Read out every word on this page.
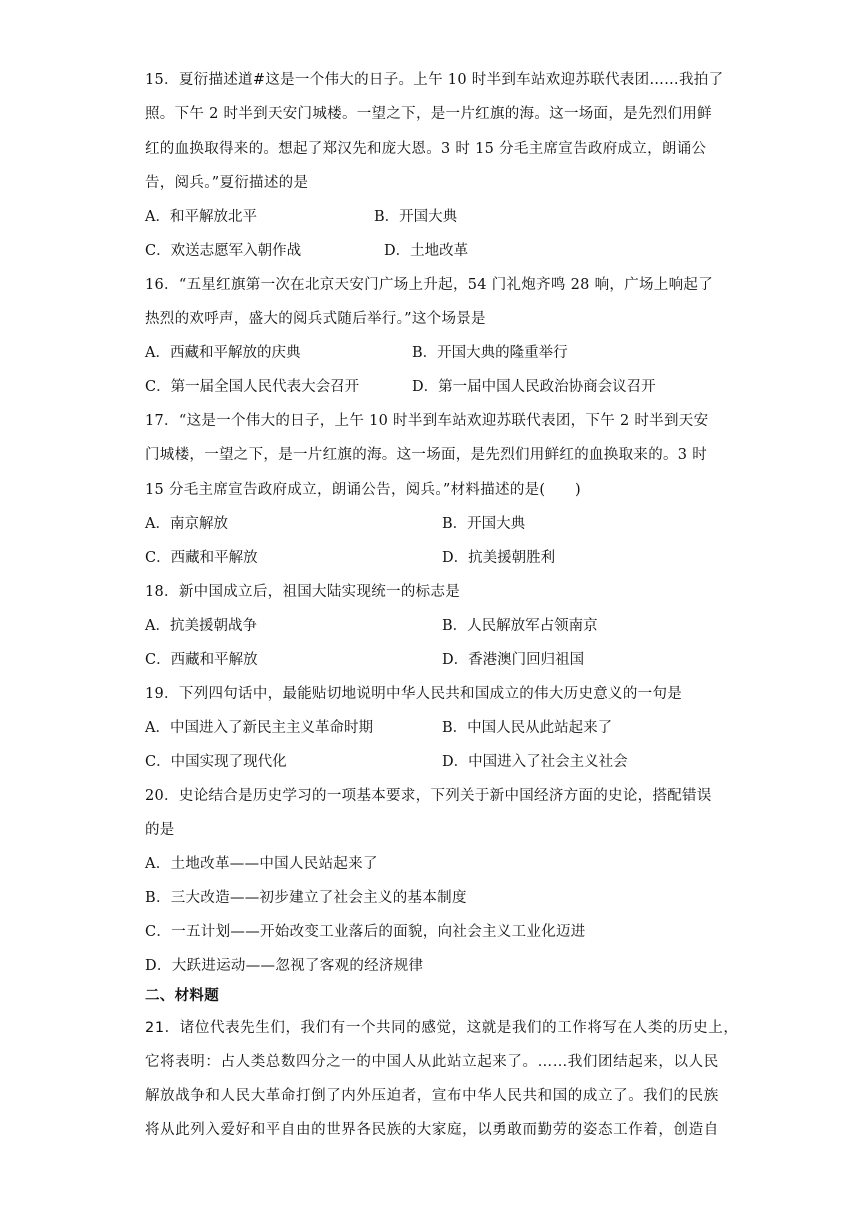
15．夏衍描述道#这是一个伟大的日子。上午 10 时半到车站欢迎苏联代表团……我拍了
照。下午 2 时半到天安门城楼。一望之下，是一片红旗的海。这一场面，是先烈们用鲜
红的血换取得来的。想起了郑汉先和庞大恩。3 时 15 分毛主席宣告政府成立，朗诵公
告，阅兵。”夏衍描述的是
A．和平解放北平	B．开国大典
C．欢送志愿军入朝作战	D．土地改革
16．“五星红旗第一次在北京天安门广场上升起，54 门礼炮齐鸣 28 响，广场上响起了
热烈的欢呼声，盛大的阅兵式随后举行。”这个场景是
A．西藏和平解放的庆典	B．开国大典的隆重举行
C．第一届全国人民代表大会召开	D．第一届中国人民政治协商会议召开
17．“这是一个伟大的日子，上午 10 时半到车站欢迎苏联代表团，下午 2 时半到天安
门城楼，一望之下，是一片红旗的海。这一场面，是先烈们用鲜红的血换取来的。3 时
15 分毛主席宣告政府成立，朗诵公告，阅兵。”材料描述的是(　　)
A．南京解放	B．开国大典
C．西藏和平解放	D．抗美援朝胜利
18．新中国成立后，祖国大陆实现统一的标志是
A．抗美援朝战争	B．人民解放军占领南京
C．西藏和平解放	D．香港澳门回归祖国
19．下列四句话中，最能贴切地说明中华人民共和国成立的伟大历史意义的一句是
A．中国进入了新民主主义革命时期	B．中国人民从此站起来了
C．中国实现了现代化	D．中国进入了社会主义社会
20．史论结合是历史学习的一项基本要求，下列关于新中国经济方面的史论，搭配错误
的是
A．土地改革——中国人民站起来了
B．三大改造——初步建立了社会主义的基本制度
C．一五计划——开始改变工业落后的面貌，向社会主义工业化迈进
D．大跃进运动——忽视了客观的经济规律
二、材料题
21．诸位代表先生们，我们有一个共同的感觉，这就是我们的工作将写在人类的历史上，
它将表明：占人类总数四分之一的中国人从此站立起来了。……我们团结起来，以人民
解放战争和人民大革命打倒了内外压迫者，宣布中华人民共和国的成立了。我们的民族
将从此列入爱好和平自由的世界各民族的大家庭，以勇敢而勤劳的姿态工作着，创造自
